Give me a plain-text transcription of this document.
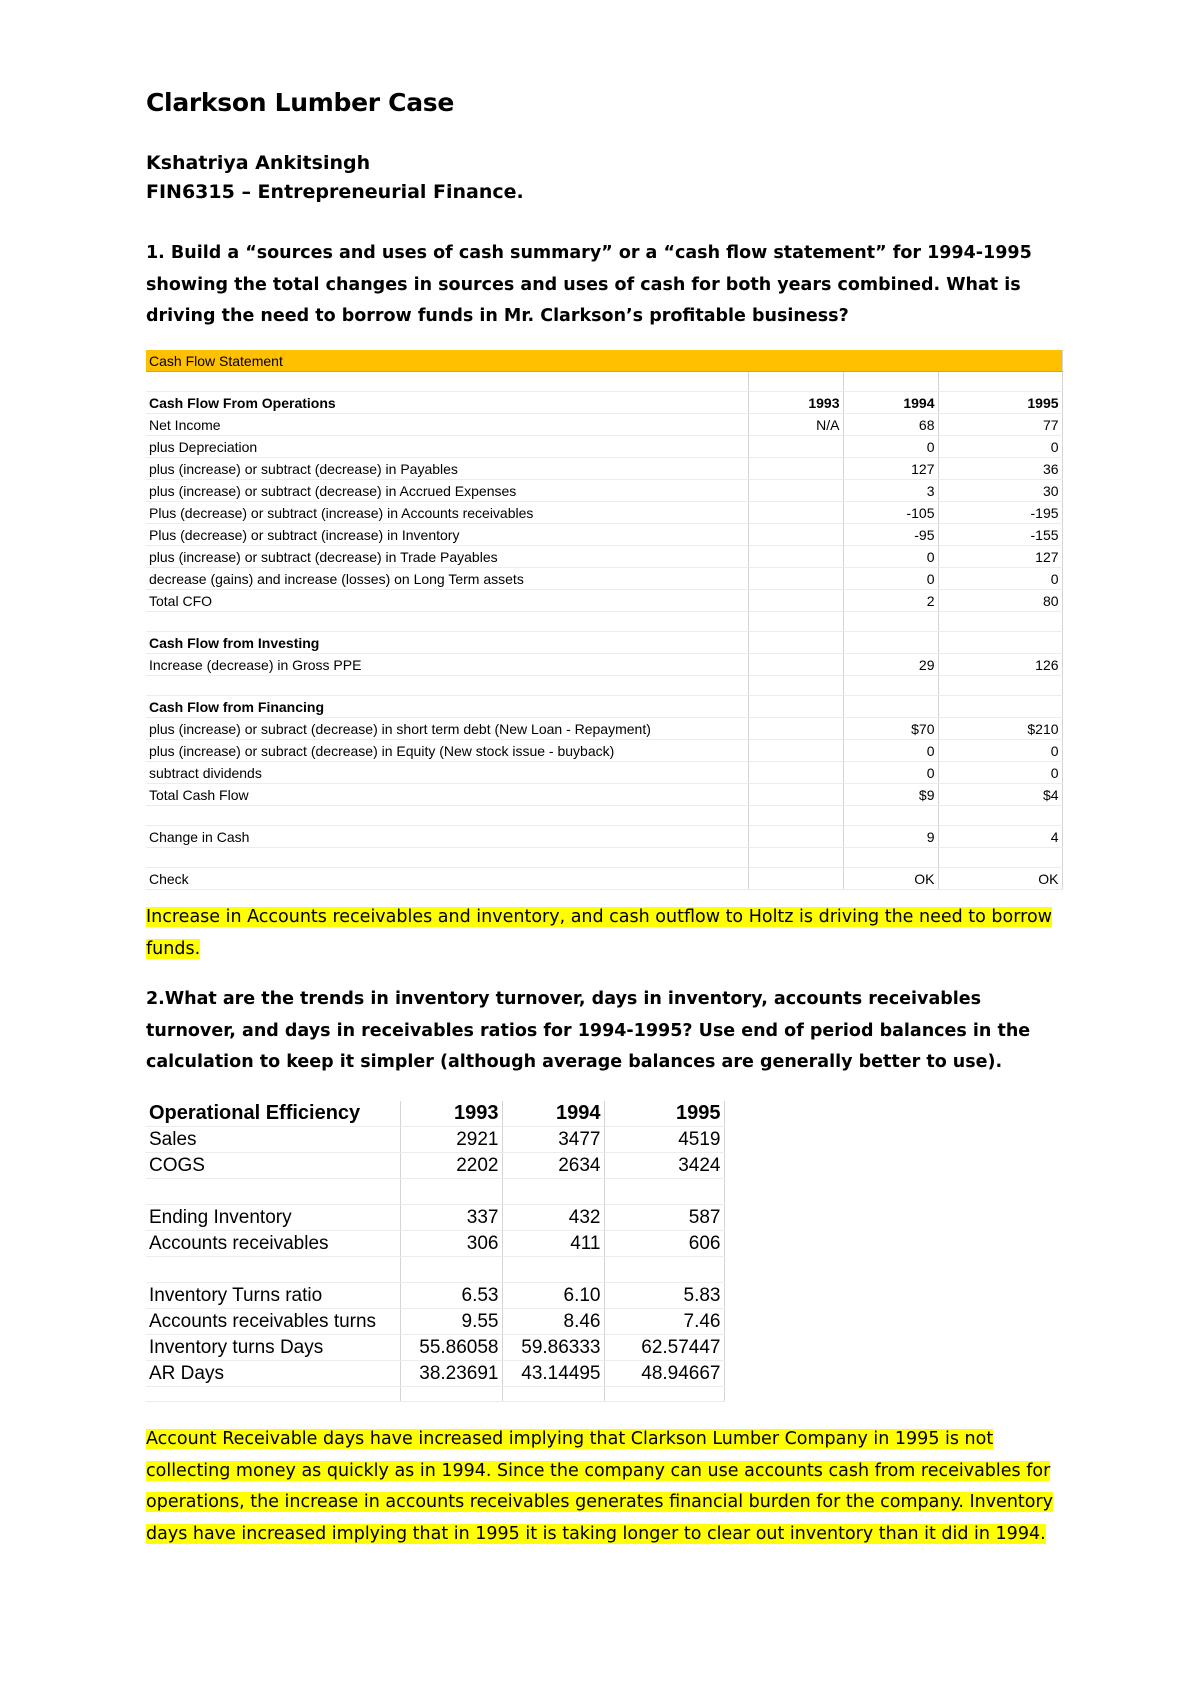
Clarkson Lumber Case
Kshatriya Ankitsingh
FIN6315 – Entrepreneurial Finance.
1. Build a “sources and uses of cash summary” or a “cash flow statement” for 1994-1995 showing the total changes in sources and uses of cash for both years combined. What is driving the need to borrow funds in Mr. Clarkson’s profitable business?
Cash Flow Statement			

Cash Flow From Operations	1993	1994	1995
Net Income	N/A	68	77
plus Depreciation		0	0
plus (increase) or subtract (decrease) in Payables		127	36
plus (increase) or subtract (decrease) in Accrued Expenses		3	30
Plus (decrease) or subtract (increase) in Accounts receivables		-105	-195
Plus (decrease) or subtract (increase) in Inventory		-95	-155
plus (increase) or subtract (decrease) in Trade Payables		0	127
decrease (gains) and increase (losses) on Long Term assets		0	0
Total CFO		2	80

Cash Flow from Investing			
Increase (decrease) in Gross PPE		29	126

Cash Flow from Financing			
plus (increase) or subract (decrease) in short term debt (New Loan - Repayment)		$70	$210
plus (increase) or subract (decrease) in Equity (New stock issue - buyback)		0	0
subtract dividends		0	0
Total Cash Flow		$9	$4

Change in Cash		9	4

Check		OK	OK
Increase in Accounts receivables and inventory, and cash outflow to Holtz is driving the need to borrow funds.
2.What are the trends in inventory turnover, days in inventory, accounts receivables turnover, and days in receivables ratios for 1994-1995? Use end of period balances in the calculation to keep it simpler (although average balances are generally better to use).
Operational Efficiency	1993	1994	1995
Sales	2921	3477	4519
COGS	2202	2634	3424

Ending Inventory	337	432	587
Accounts receivables	306	411	606

Inventory Turns ratio	6.53	6.10	5.83
Accounts receivables turns	9.55	8.46	7.46
Inventory turns Days	55.86058	59.86333	62.57447
AR Days	38.23691	43.14495	48.94667

Account Receivable days have increased implying that Clarkson Lumber Company in 1995 is not collecting money as quickly as in 1994. Since the company can use accounts cash from receivables for operations, the increase in accounts receivables generates financial burden for the company. Inventory days have increased implying that in 1995 it is taking longer to clear out inventory than it did in 1994.
